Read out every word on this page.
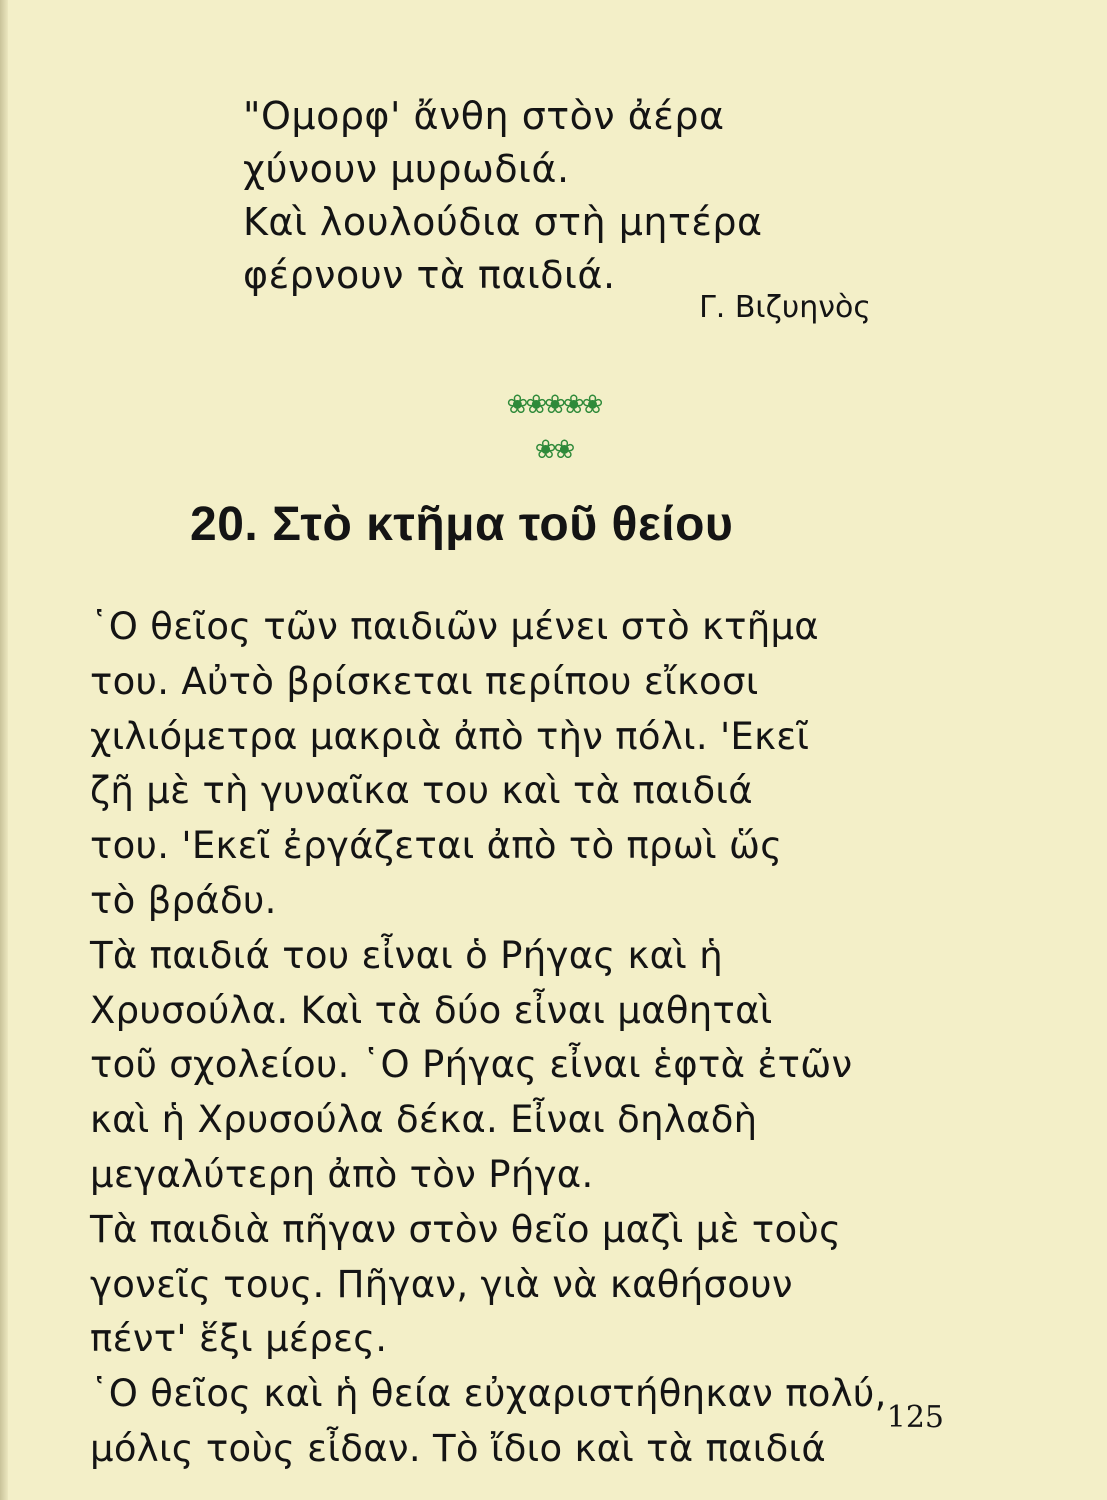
"Ομορφ' ἄνθη στὸν ἀέρα
χύνουν μυρωδιά.
Καὶ λουλούδια στὴ μητέρα
φέρνουν τὰ παιδιά.
Γ. Βιζυηνὸς
❀❀❀❀❀
❀❀
20. Στὸ κτῆμα τοῦ θείου
῾Ο θεῖος τῶν παιδιῶν μένει στὸ κτῆμα
του. Αὐτὸ βρίσκεται περίπου εἴκοσι
χιλιόμετρα μακριὰ ἀπὸ τὴν πόλι. 'Εκεῖ
ζῆ μὲ τὴ γυναῖκα του καὶ τὰ παιδιά
του. 'Εκεῖ ἐργάζεται ἀπὸ τὸ πρωὶ ὥς
τὸ βράδυ.
Τὰ παιδιά του εἶναι ὁ Ρήγας καὶ ἡ
Χρυσούλα. Καὶ τὰ δύο εἶναι μαθηταὶ
τοῦ σχολείου. ῾Ο Ρήγας εἶναι ἑφτὰ ἐτῶν
καὶ ἡ Χρυσούλα δέκα. Εἶναι δηλαδὴ
μεγαλύτερη ἀπὸ τὸν Ρήγα.
Τὰ παιδιὰ πῆγαν στὸν θεῖο μαζὶ μὲ τοὺς
γονεῖς τους. Πῆγαν, γιὰ νὰ καθήσουν
πέντ' ἕξι μέρες.
῾Ο θεῖος καὶ ἡ θεία εὐχαριστήθηκαν πολύ,
μόλις τοὺς εἶδαν. Τὸ ἴδιο καὶ τὰ παιδιά
125
